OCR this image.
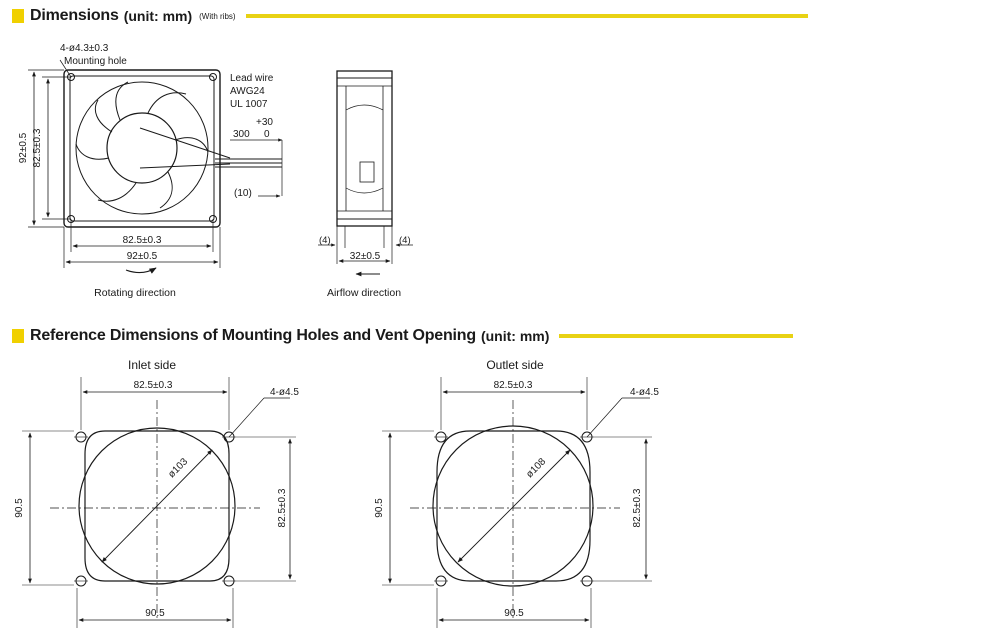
Dimensions (unit: mm) (With ribs)
Reference Dimensions of Mounting Holes and Vent Opening (unit: mm)
4-ø4.3±0.3
Mounting hole
92±0.5 82.5±0.3
82.5±0.3
92±0.5
Lead wire
AWG24
UL 1007
+30
300 0
(10)
Rotating direction
(4)	(4)
32±0.5
Airflow direction
Inlet side
82.5±0.3
4-ø4.5
ø103
90.5	82.5±0.3
90.5
Outlet side
82.5±0.3
4-ø4.5
ø108
90.5	82.5±0.3
90.5
